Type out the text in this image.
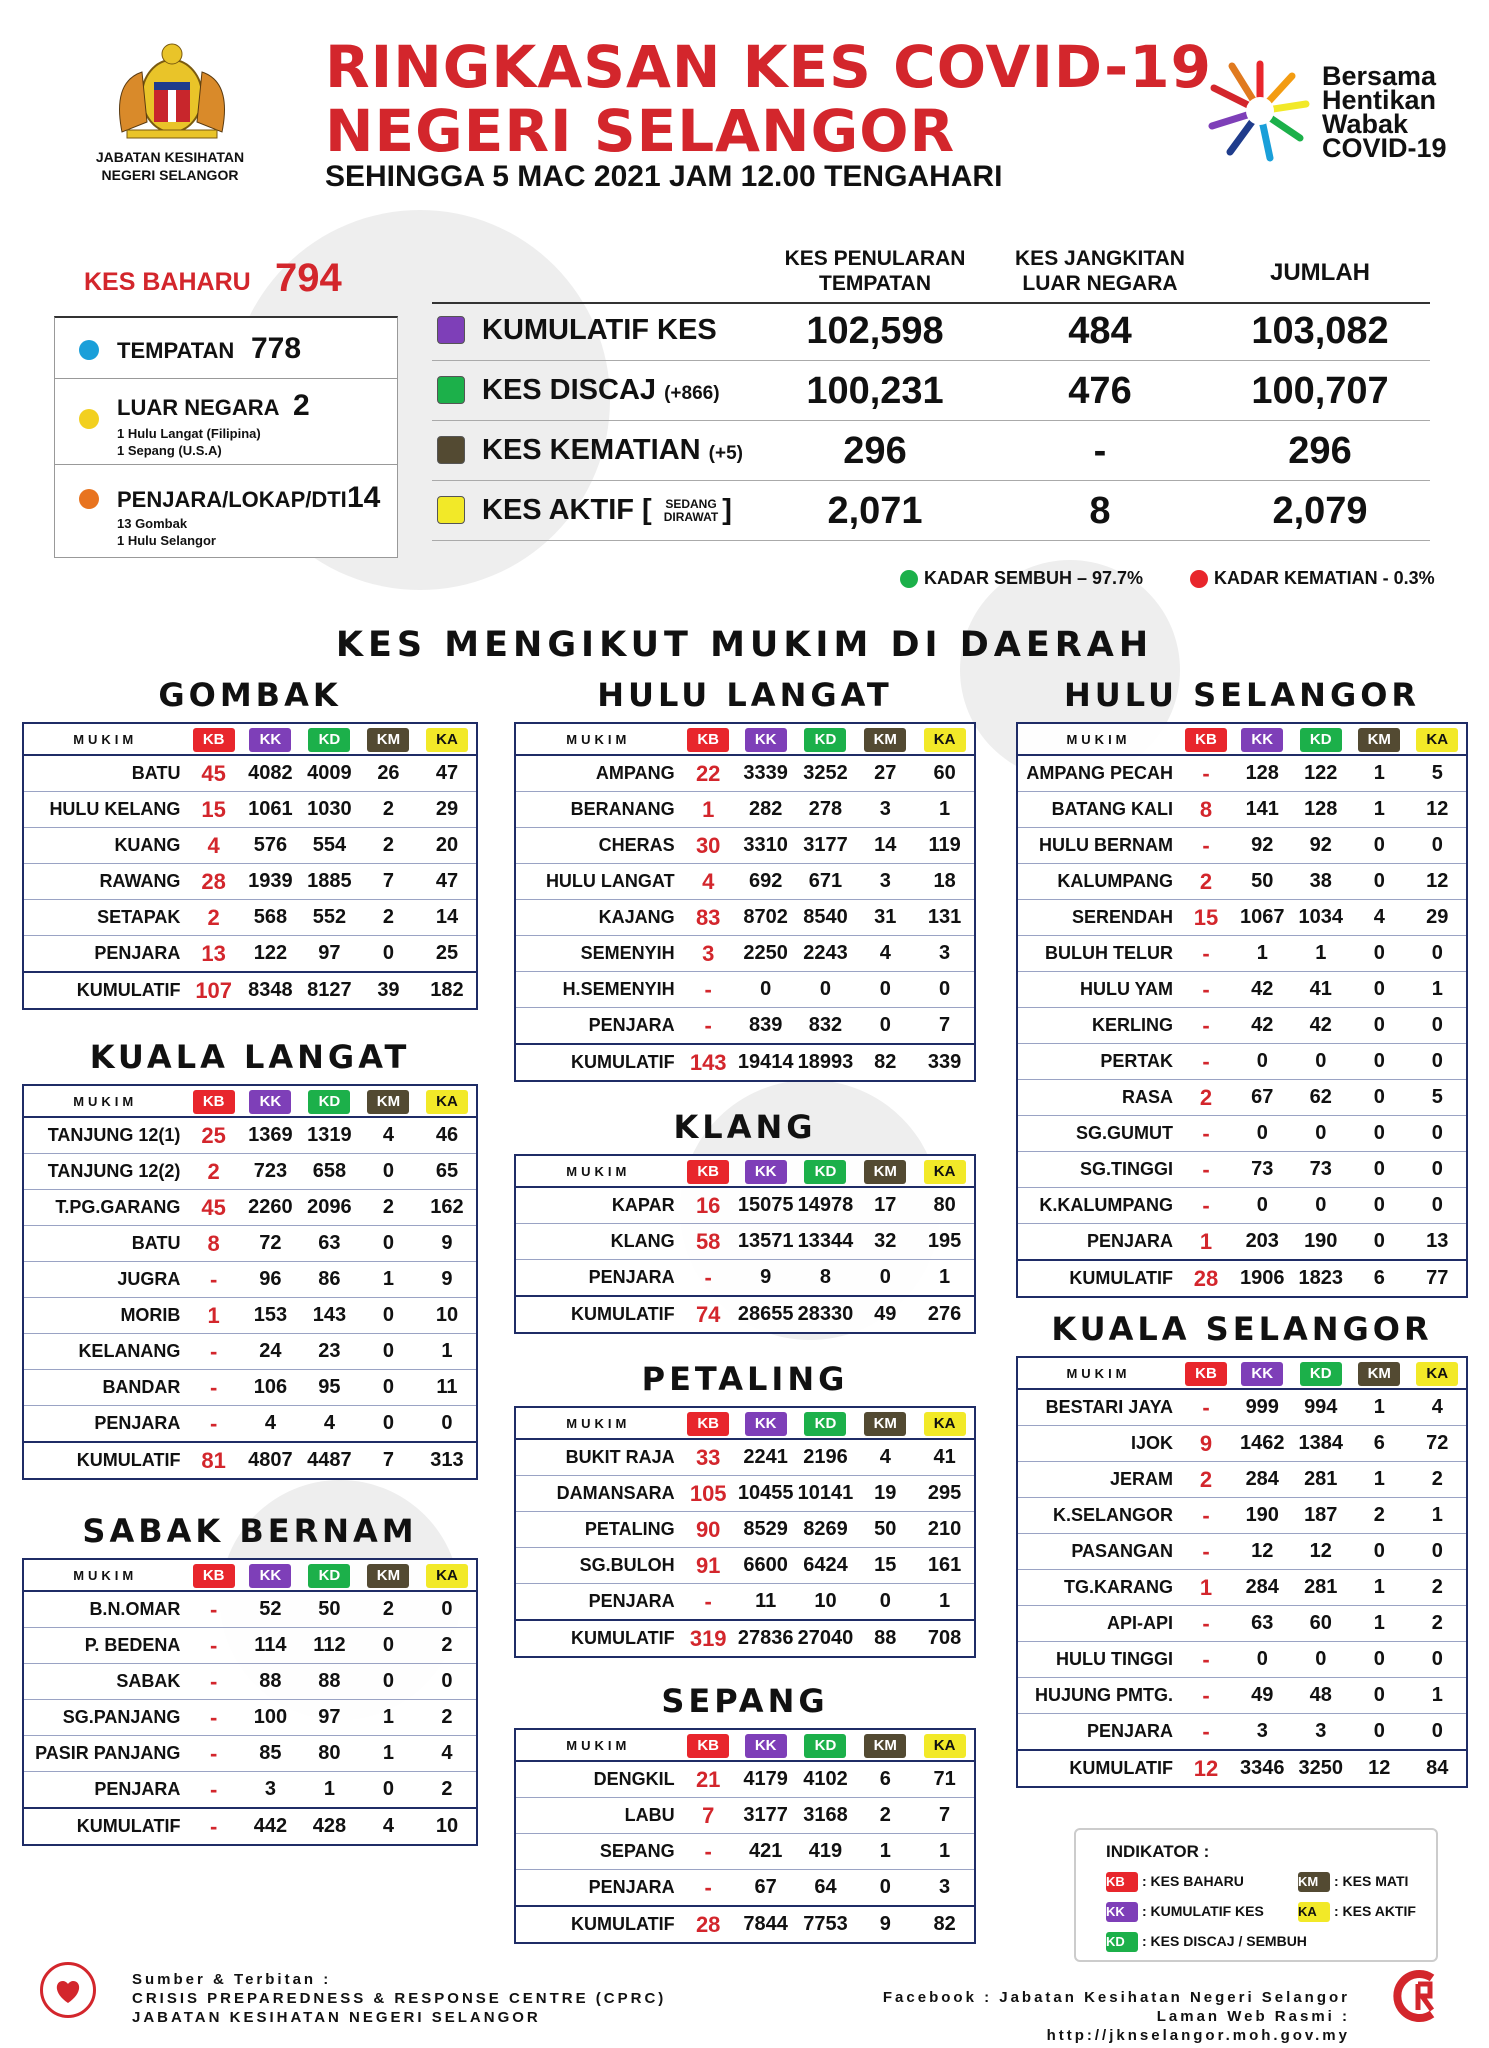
JABATAN KESIHATAN
NEGERI SELANGOR
RINGKASAN KES COVID-19
NEGERI SELANGOR
SEHINGGA 5 MAC 2021 JAM 12.00 TENGAHARI
Bersama
Hentikan
Wabak
COVID-19
KES BAHARU 794
TEMPATAN 778
LUAR NEGARA 2
1 Hulu Langat (Filipina)
1 Sepang (U.S.A)
PENJARA/LOKAP/DTI 14
13 Gombak
1 Hulu Selangor
KES PENULARAN
TEMPATAN
KES JANGKITAN
LUAR NEGARA	JUMLAH
KUMULATIF KES	102,598	484	103,082
KES DISCAJ (+866)	100,231	476	100,707
KES KEMATIAN (+5)	296	-	296
KES AKTIF [ SEDANG
DIRAWAT ]	2,071	8	2,079
KADAR SEMBUH – 97.7%	KADAR KEMATIAN - 0.3%
KES MENGIKUT MUKIM DI DAERAH
GOMBAK
MUKIM	KB	KK	KD	KM	KA
BATU	45	4082	4009	26	47
HULU KELANG	15	1061	1030	2	29
KUANG	4	576	554	2	20
RAWANG	28	1939	1885	7	47
SETAPAK	2	568	552	2	14
PENJARA	13	122	97	0	25
KUMULATIF	107	8348	8127	39	182
KUALA LANGAT
MUKIM	KB	KK	KD	KM	KA
TANJUNG 12(1)	25	1369	1319	4	46
TANJUNG 12(2)	2	723	658	0	65
T.PG.GARANG	45	2260	2096	2	162
BATU	8	72	63	0	9
JUGRA	-	96	86	1	9
MORIB	1	153	143	0	10
KELANANG	-	24	23	0	1
BANDAR	-	106	95	0	11
PENJARA	-	4	4	0	0
KUMULATIF	81	4807	4487	7	313
SABAK BERNAM
MUKIM	KB	KK	KD	KM	KA
B.N.OMAR	-	52	50	2	0
P. BEDENA	-	114	112	0	2
SABAK	-	88	88	0	0
SG.PANJANG	-	100	97	1	2
PASIR PANJANG	-	85	80	1	4
PENJARA	-	3	1	0	2
KUMULATIF	-	442	428	4	10
HULU LANGAT
MUKIM	KB	KK	KD	KM	KA
AMPANG	22	3339	3252	27	60
BERANANG	1	282	278	3	1
CHERAS	30	3310	3177	14	119
HULU LANGAT	4	692	671	3	18
KAJANG	83	8702	8540	31	131
SEMENYIH	3	2250	2243	4	3
H.SEMENYIH	-	0	0	0	0
PENJARA	-	839	832	0	7
KUMULATIF	143	19414	18993	82	339
KLANG
MUKIM	KB	KK	KD	KM	KA
KAPAR	16	15075	14978	17	80
KLANG	58	13571	13344	32	195
PENJARA	-	9	8	0	1
KUMULATIF	74	28655	28330	49	276
PETALING
MUKIM	KB	KK	KD	KM	KA
BUKIT RAJA	33	2241	2196	4	41
DAMANSARA	105	10455	10141	19	295
PETALING	90	8529	8269	50	210
SG.BULOH	91	6600	6424	15	161
PENJARA	-	11	10	0	1
KUMULATIF	319	27836	27040	88	708
SEPANG
MUKIM	KB	KK	KD	KM	KA
DENGKIL	21	4179	4102	6	71
LABU	7	3177	3168	2	7
SEPANG	-	421	419	1	1
PENJARA	-	67	64	0	3
KUMULATIF	28	7844	7753	9	82
HULU SELANGOR
MUKIM	KB	KK	KD	KM	KA
AMPANG PECAH	-	128	122	1	5
BATANG KALI	8	141	128	1	12
HULU BERNAM	-	92	92	0	0
KALUMPANG	2	50	38	0	12
SERENDAH	15	1067	1034	4	29
BULUH TELUR	-	1	1	0	0
HULU YAM	-	42	41	0	1
KERLING	-	42	42	0	0
PERTAK	-	0	0	0	0
RASA	2	67	62	0	5
SG.GUMUT	-	0	0	0	0
SG.TINGGI	-	73	73	0	0
K.KALUMPANG	-	0	0	0	0
PENJARA	1	203	190	0	13
KUMULATIF	28	1906	1823	6	77
KUALA SELANGOR
MUKIM	KB	KK	KD	KM	KA
BESTARI JAYA	-	999	994	1	4
IJOK	9	1462	1384	6	72
JERAM	2	284	281	1	2
K.SELANGOR	-	190	187	2	1
PASANGAN	-	12	12	0	0
TG.KARANG	1	284	281	1	2
API-API	-	63	60	1	2
HULU TINGGI	-	0	0	0	0
HUJUNG PMTG.	-	49	48	0	1
PENJARA	-	3	3	0	0
KUMULATIF	12	3346	3250	12	84
INDIKATOR :
KB : KES BAHARU
KK : KUMULATIF KES
KD : KES DISCAJ / SEMBUH
KM : KES MATI
KA : KES AKTIF
Sumber & Terbitan :
CRISIS PREPAREDNESS & RESPONSE CENTRE (CPRC)
JABATAN KESIHATAN NEGERI SELANGOR
Facebook : Jabatan Kesihatan Negeri Selangor
Laman Web Rasmi : http://jknselangor.moh.gov.my
